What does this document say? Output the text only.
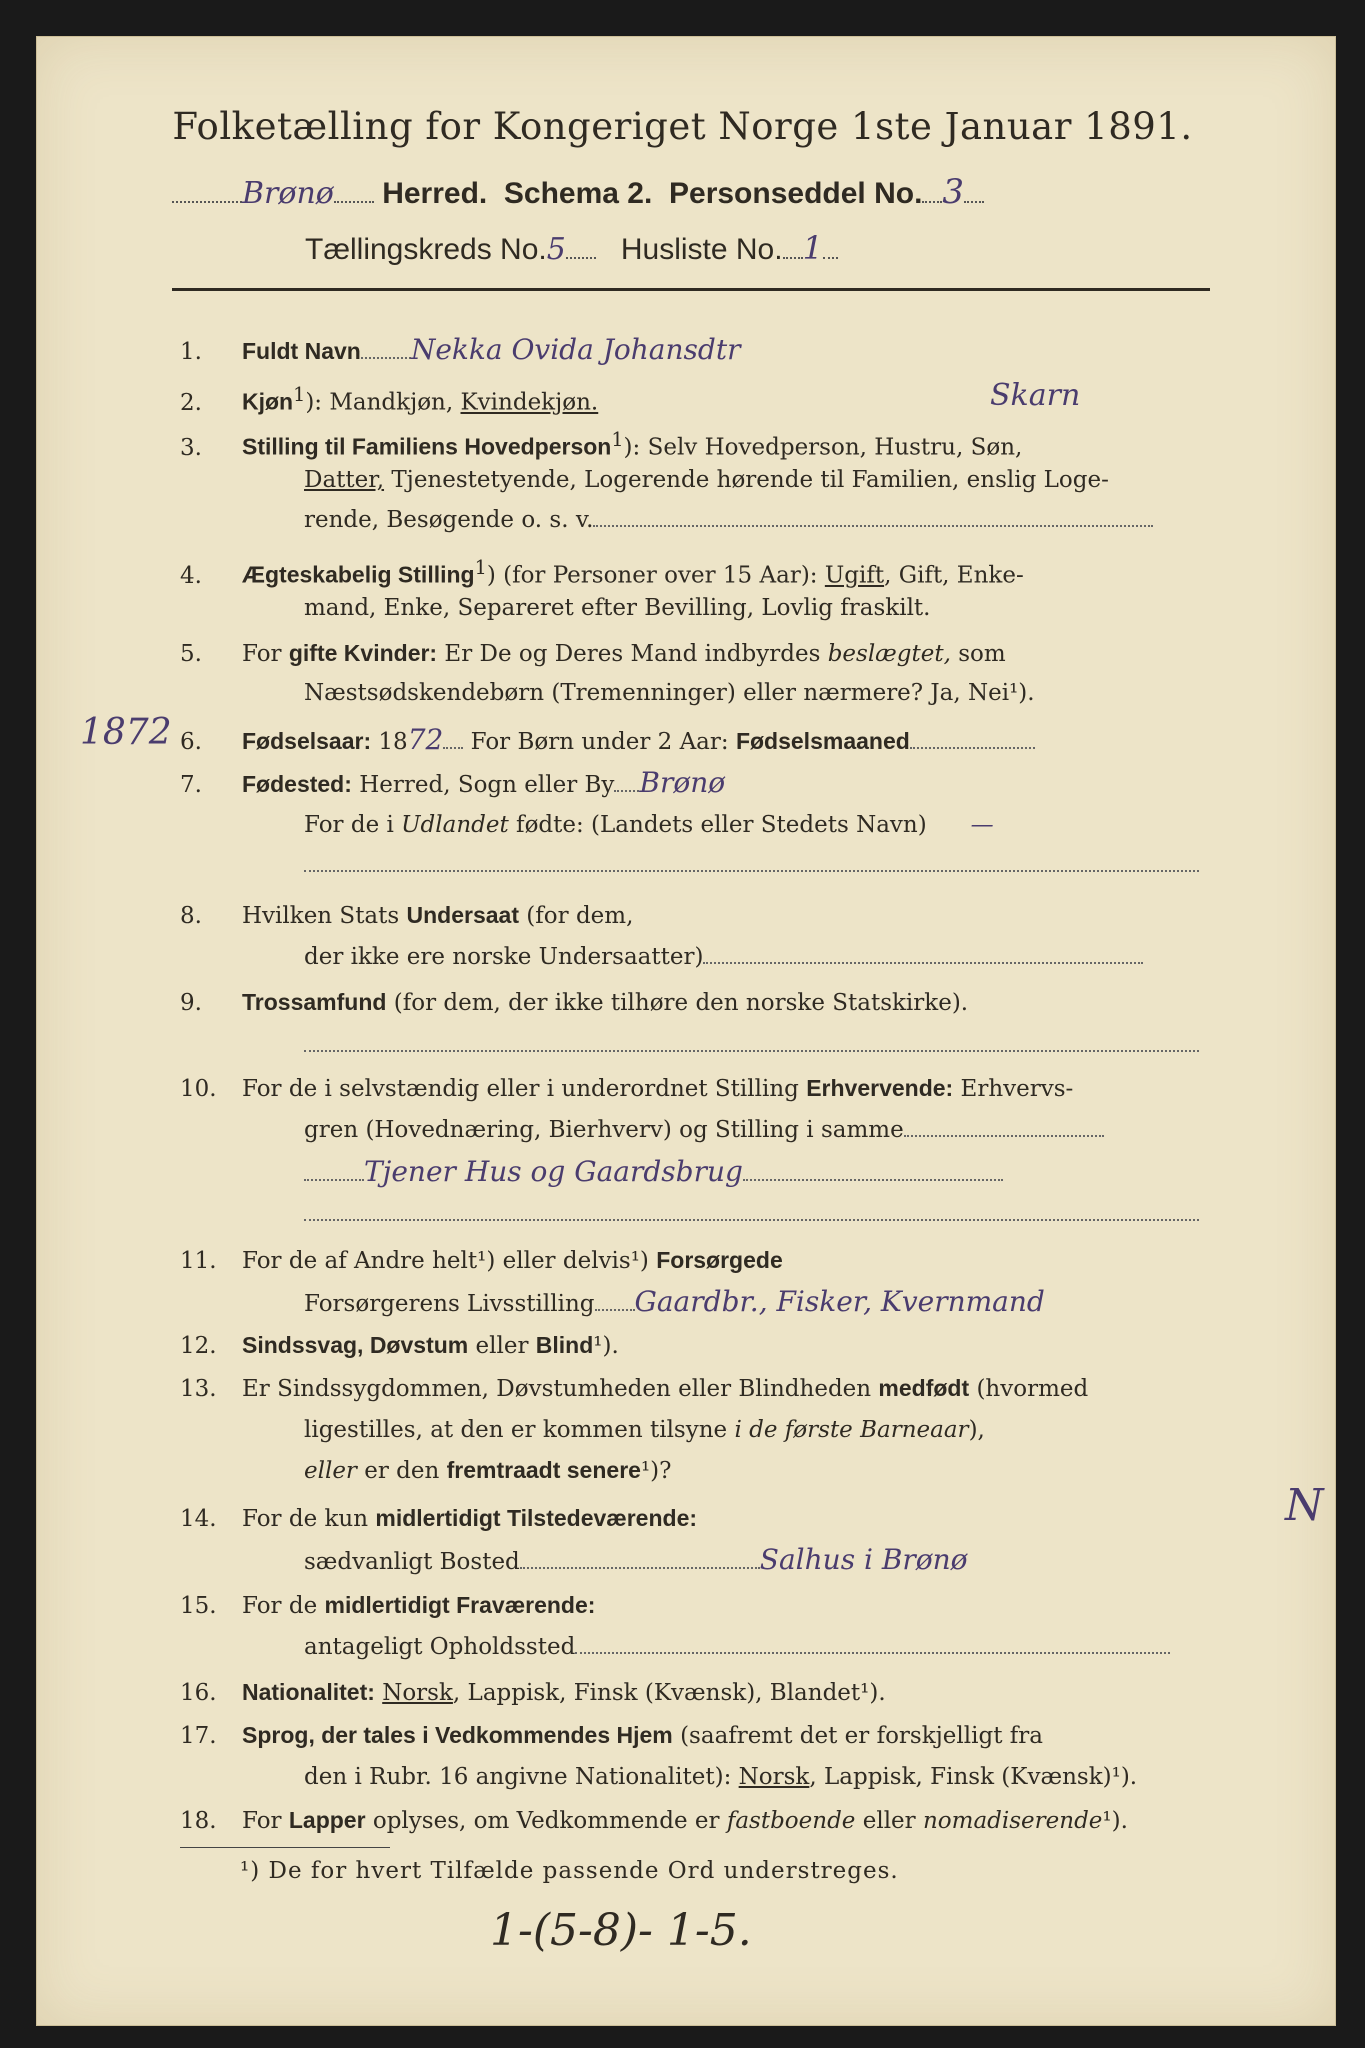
Folketælling for Kongeriget Norge 1ste Januar 1891.
Brønø Herred. Schema 2. Personseddel No. 3
Tællingskreds No.5 Husliste No. 1
1. Fuldt Navn Nekka Ovida Johansdtr
Skarn
2. Kjøn$^1$): Mandkjøn, Kvindekjøn.
3. Stilling til Familiens Hovedperson$^1$): Selv Hovedperson, Hustru, Søn,
Datter, Tjenestetyende, Logerende hørende til Familien, enslig Loge-
rende, Besøgende o. s. v.
4. Ægteskabelig Stilling$^1$) (for Personer over 15 Aar): Ugift, Gift, Enke-
mand, Enke, Separeret efter Bevilling, Lovlig fraskilt.
5. For gifte Kvinder: Er De og Deres Mand indbyrdes beslægtet, som
Næstsødskendebørn (Tremenninger) eller nærmere? Ja, Nei¹).
1872 6. Fødselsaar: 1872 For Børn under 2 Aar: Fødselsmaaned
7. Fødested: Herred, Sogn eller By Brønø
For de i Udlandet fødte: (Landets eller Stedets Navn) —
8. Hvilken Stats Undersaat (for dem,
der ikke ere norske Undersaatter)
9. Trossamfund (for dem, der ikke tilhøre den norske Statskirke).
10. For de i selvstændig eller i underordnet Stilling Erhvervende: Erhvervs-
gren (Hovednæring, Bierhverv) og Stilling i samme
Tjener Hus og Gaardsbrug
11. For de af Andre helt¹) eller delvis¹) Forsørgede
Forsørgerens Livsstilling Gaardbr., Fisker, Kvernmand
12. Sindssvag, Døvstum eller Blind¹).
13. Er Sindssygdommen, Døvstumheden eller Blindheden medfødt (hvormed
ligestilles, at den er kommen tilsyne i de første Barneaar),
eller er den fremtraadt senere¹)?
14. For de kun midlertidigt Tilstedeværende:
sædvanligt Bosted	Salhus i Brønø
N
15. For de midlertidigt Fraværende:
antageligt Opholdssted
16. Nationalitet: Norsk, Lappisk, Finsk (Kvænsk), Blandet¹).
17. Sprog, der tales i Vedkommendes Hjem (saafremt det er forskjelligt fra
den i Rubr. 16 angivne Nationalitet): Norsk, Lappisk, Finsk (Kvænsk)¹).
18. For Lapper oplyses, om Vedkommende er fastboende eller nomadiserende¹).
¹) De for hvert Tilfælde passende Ord understreges.
1-(5-8)- 1-5.
